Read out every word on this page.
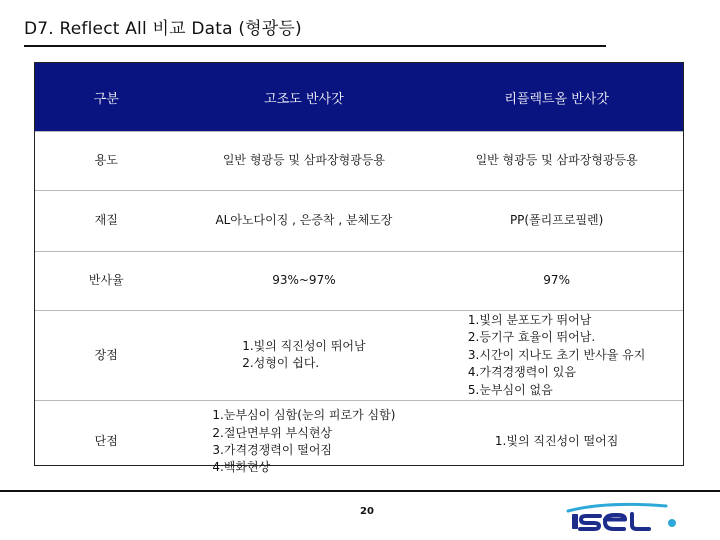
D7. Reflect All 비교 Data (형광등)
구분	고조도 반사갓	리플렉트올 반사갓
용도	일반 형광등 및 삼파장형광등용	일반 형광등 및 삼파장형광등용

재질	AL아노다이징 , 은증착 , 분체도장	PP(폴리프로필렌)

반사율	93%~97%	97%

장점	1.빛의 직진성이 뛰어남
2.성형이 쉽다.	1.빛의 분포도가 뛰어남
2.등기구 효율이 뛰어남.
3.시간이 지나도 초기 반사율 유지
4.가격경쟁력이 있음
5.눈부심이 없음

단점	1.눈부심이 심함(눈의 피로가 심함)
2.절단면부위 부식현상
3.가격경쟁력이 떨어짐
4.백화현상	1.빛의 직진성이 떨어짐
20
